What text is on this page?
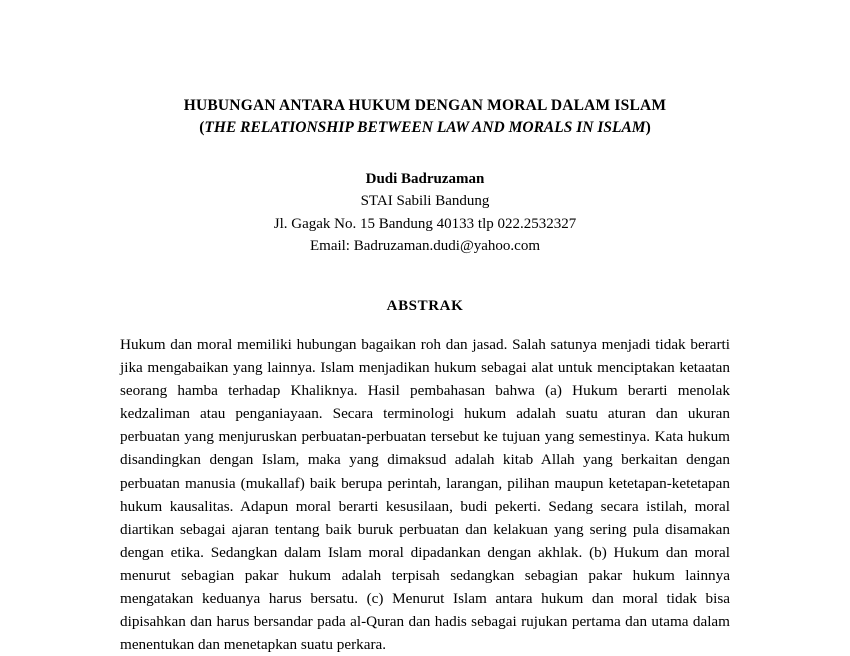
HUBUNGAN ANTARA HUKUM DENGAN MORAL DALAM ISLAM
(THE RELATIONSHIP BETWEEN LAW AND MORALS IN ISLAM)
Dudi Badruzaman
STAI Sabili Bandung
Jl. Gagak No. 15 Bandung 40133 tlp 022.2532327
Email: Badruzaman.dudi@yahoo.com
ABSTRAK
Hukum dan moral memiliki hubungan bagaikan roh dan jasad. Salah satunya menjadi tidak berarti jika mengabaikan yang lainnya. Islam menjadikan hukum sebagai alat untuk menciptakan ketaatan seorang hamba terhadap Khaliknya. Hasil pembahasan bahwa (a) Hukum berarti menolak kedzaliman atau penganiayaan. Secara terminologi hukum adalah suatu aturan dan ukuran perbuatan yang menjuruskan perbuatan-perbuatan tersebut ke tujuan yang semestinya. Kata hukum disandingkan dengan Islam, maka yang dimaksud adalah kitab Allah yang berkaitan dengan perbuatan manusia (mukallaf) baik berupa perintah, larangan, pilihan maupun ketetapan-ketetapan hukum kausalitas. Adapun moral berarti kesusilaan, budi pekerti. Sedang secara istilah, moral diartikan sebagai ajaran tentang baik buruk perbuatan dan kelakuan yang sering pula disamakan dengan etika. Sedangkan dalam Islam moral dipadankan dengan akhlak. (b) Hukum dan moral menurut sebagian pakar hukum adalah terpisah sedangkan sebagian pakar hukum lainnya mengatakan keduanya harus bersatu. (c) Menurut Islam antara hukum dan moral tidak bisa dipisahkan dan harus bersandar pada al-Quran dan hadis sebagai rujukan pertama dan utama dalam menentukan dan menetapkan suatu perkara.
